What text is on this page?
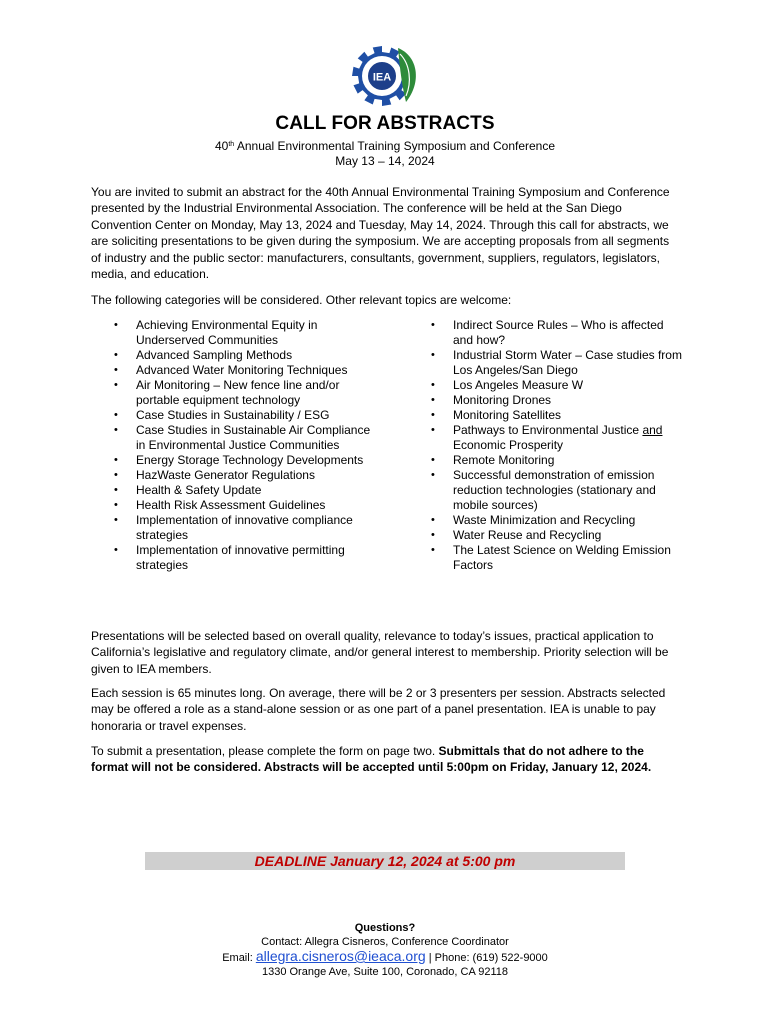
IEA
CALL FOR ABSTRACTS
40th Annual Environmental Training Symposium and Conference
May 13 – 14, 2024

You are invited to submit an abstract for the 40th Annual Environmental Training Symposium and Conference presented by the Industrial Environmental Association. The conference will be held at the San Diego Convention Center on Monday, May 13, 2024 and Tuesday, May 14, 2024. Through this call for abstracts, we are soliciting presentations to be given during the symposium. We are accepting proposals from all segments of industry and the public sector: manufacturers, consultants, government, suppliers, regulators, legislators, media, and education.

The following categories will be considered. Other relevant topics are welcome:

• Achieving Environmental Equity in Underserved Communities
• Advanced Sampling Methods
• Advanced Water Monitoring Techniques
• Air Monitoring – New fence line and/or portable equipment technology
• Case Studies in Sustainability / ESG
• Case Studies in Sustainable Air Compliance in Environmental Justice Communities
• Energy Storage Technology Developments
• HazWaste Generator Regulations
• Health & Safety Update
• Health Risk Assessment Guidelines
• Implementation of innovative compliance strategies
• Implementation of innovative permitting strategies
• Indirect Source Rules – Who is affected and how?
• Industrial Storm Water – Case studies from Los Angeles/San Diego
• Los Angeles Measure W
• Monitoring Drones
• Monitoring Satellites
• Pathways to Environmental Justice and Economic Prosperity
• Remote Monitoring
• Successful demonstration of emission reduction technologies (stationary and mobile sources)
• Waste Minimization and Recycling
• Water Reuse and Recycling
• The Latest Science on Welding Emission Factors

Presentations will be selected based on overall quality, relevance to today’s issues, practical application to California’s legislative and regulatory climate, and/or general interest to membership. Priority selection will be given to IEA members.

Each session is 65 minutes long. On average, there will be 2 or 3 presenters per session. Abstracts selected may be offered a role as a stand-alone session or as one part of a panel presentation. IEA is unable to pay honoraria or travel expenses.

To submit a presentation, please complete the form on page two. Submittals that do not adhere to the format will not be considered. Abstracts will be accepted until 5:00pm on Friday, January 12, 2024.

DEADLINE January 12, 2024 at 5:00 pm
Questions?
Contact: Allegra Cisneros, Conference Coordinator
Email: allegra.cisneros@ieaca.org | Phone: (619) 522-9000
1330 Orange Ave, Suite 100, Coronado, CA 92118
